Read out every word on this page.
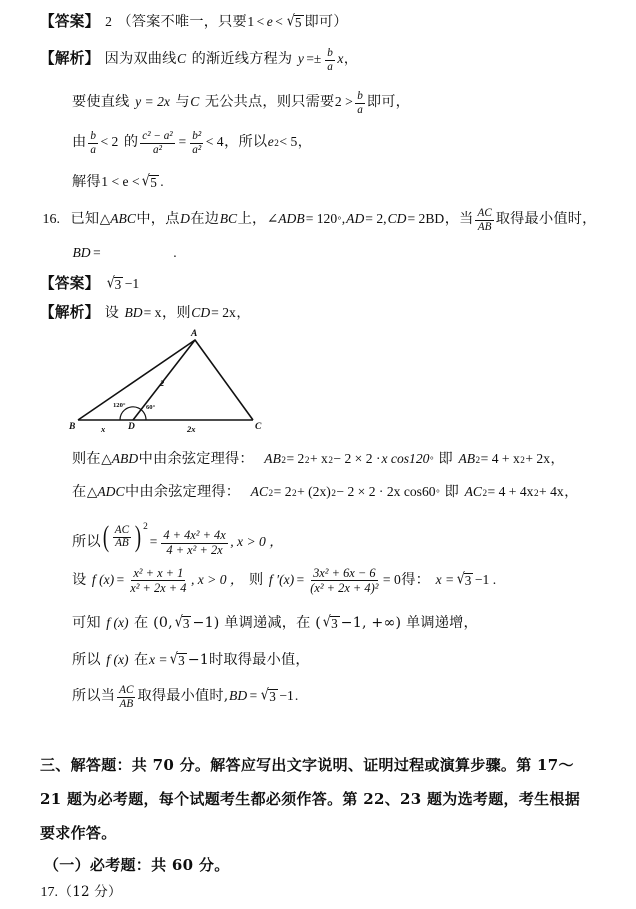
【答案】 2 （答案不唯一，只要 1 < e < √ 5 即可）
【解析】 因为双曲线 C 的渐近线方程为 $y =\pm \frac{b}{a}$ x ，
要使直线 y = 2x 与 C 无公共点，则只需要 $2 > \frac{b}{a}$ 即可，
由 $\frac{b}{a} < 2$ 的 $\frac{\text{c² − a²}}{\text{a²}} = \frac{\text{b²}}{\text{a²}} < 4$ ，所以 e 2 < 5 ，
解得 1 < e < √ 5 .
16. 已知 △ABC 中，点 D 在边 BC 上， ∠ADB = 120 ° , AD = 2, CD = 2BD ，当 $\frac{AC}{AB}$ 取得最小值时，
BD =	.
【答案】 √ 3 −1
【解析】 设 BD = x ，则 CD = 2x ，
A
B	D	C
x	2x
2
120°	60°
则在 △ABD 中由余弦定理得： AB 2 = 2 2 + x 2 − 2 × 2 · x cos120 ° 即 AB 2 = 4 + x 2 + 2x ，
在 △ADC 中由余弦定理得： AC 2 = 2 2 + (2x) 2 − 2 × 2 · 2x cos60 ° 即 AC 2 = 4 + 4x 2 + 4x ，
所以 ( $\frac{AC}{AB}$ ) 2
= $\frac{\text{4 + 4x² + 4x}}{\text{4 + x² + 2x}}$ , x > 0 ，
设 f $(x) = \frac{\text{x² + x + 1}}{\text{x² + 2x + 4}}$ , x > 0 ， 则 f $'(x) = \frac{\text{3x² + 6x − 6}}{\text{(x² + 2x + 4)²}} = 0$ 得： x = √ 3 −1 .
可知 f (x) 在 (0, √ 3 −1) 单调递减，在 ( √ 3 −1, +∞) 单调递增，
所以 f (x) 在 x = √ 3 −1时取得最小值，
所以当 $\frac{AC}{AB}$ 取得最小值时, BD = √ 3 −1 .
三、解答题：共 70 分。解答应写出文字说明、证明过程或演算步骤。第 17～
21 题为必考题，每个试题考生都必须作答。第 22、23 题为选考题，考生根据
要求作答。
（一）必考题：共 60 分。
17. （12 分）
